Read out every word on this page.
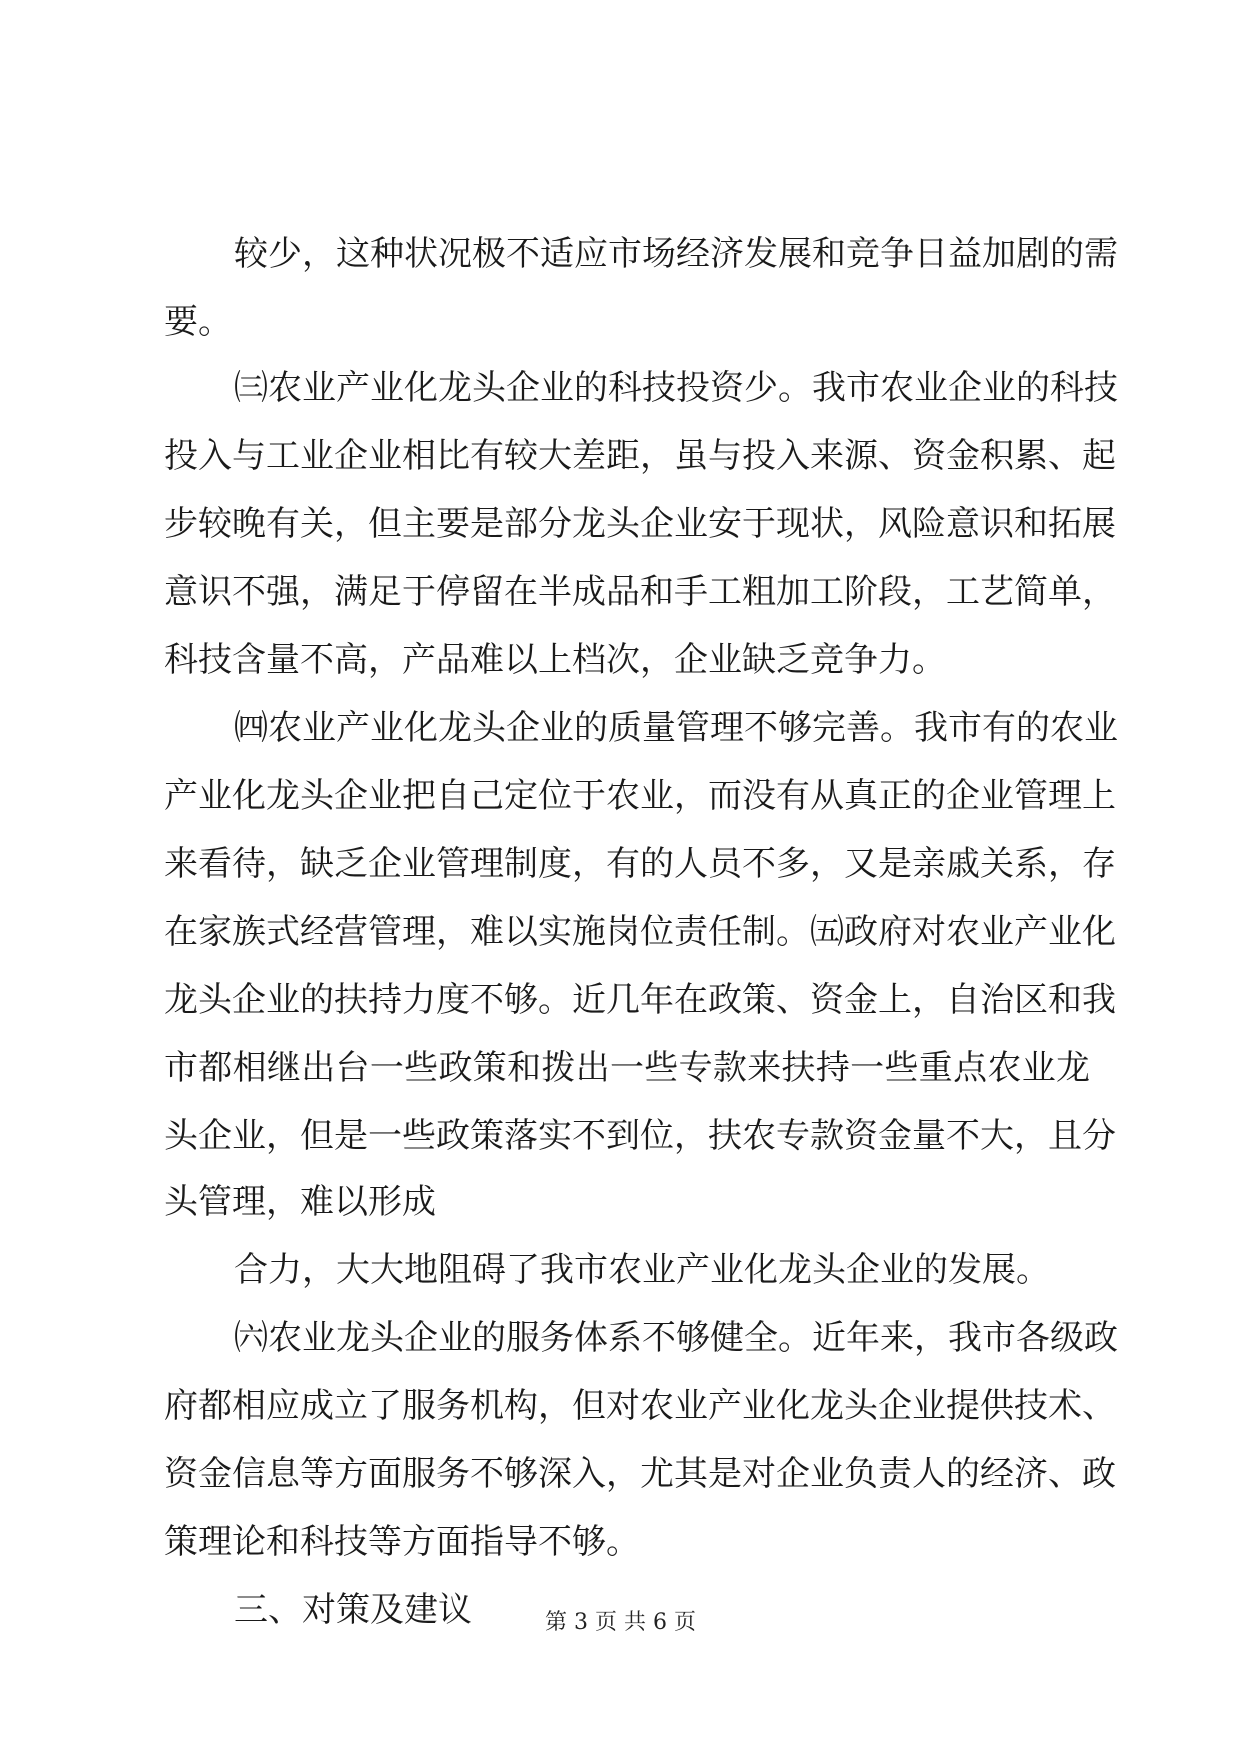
较少，这种状况极不适应市场经济发展和竞争日益加剧的需
要。
㈢农业产业化龙头企业的科技投资少。我市农业企业的科技
投入与工业企业相比有较大差距，虽与投入来源、资金积累、起
步较晚有关，但主要是部分龙头企业安于现状，风险意识和拓展
意识不强，满足于停留在半成品和手工粗加工阶段，工艺简单，
科技含量不高，产品难以上档次，企业缺乏竞争力。
㈣农业产业化龙头企业的质量管理不够完善。我市有的农业
产业化龙头企业把自己定位于农业，而没有从真正的企业管理上
来看待，缺乏企业管理制度，有的人员不多，又是亲戚关系，存
在家族式经营管理，难以实施岗位责任制。㈤政府对农业产业化
龙头企业的扶持力度不够。近几年在政策、资金上，自治区和我
市都相继出台一些政策和拨出一些专款来扶持一些重点农业龙
头企业，但是一些政策落实不到位，扶农专款资金量不大，且分
头管理，难以形成
合力，大大地阻碍了我市农业产业化龙头企业的发展。
㈥农业龙头企业的服务体系不够健全。近年来，我市各级政
府都相应成立了服务机构，但对农业产业化龙头企业提供技术、
资金信息等方面服务不够深入，尤其是对企业负责人的经济、政
策理论和科技等方面指导不够。
三、对策及建议	第 3 页 共 6 页
